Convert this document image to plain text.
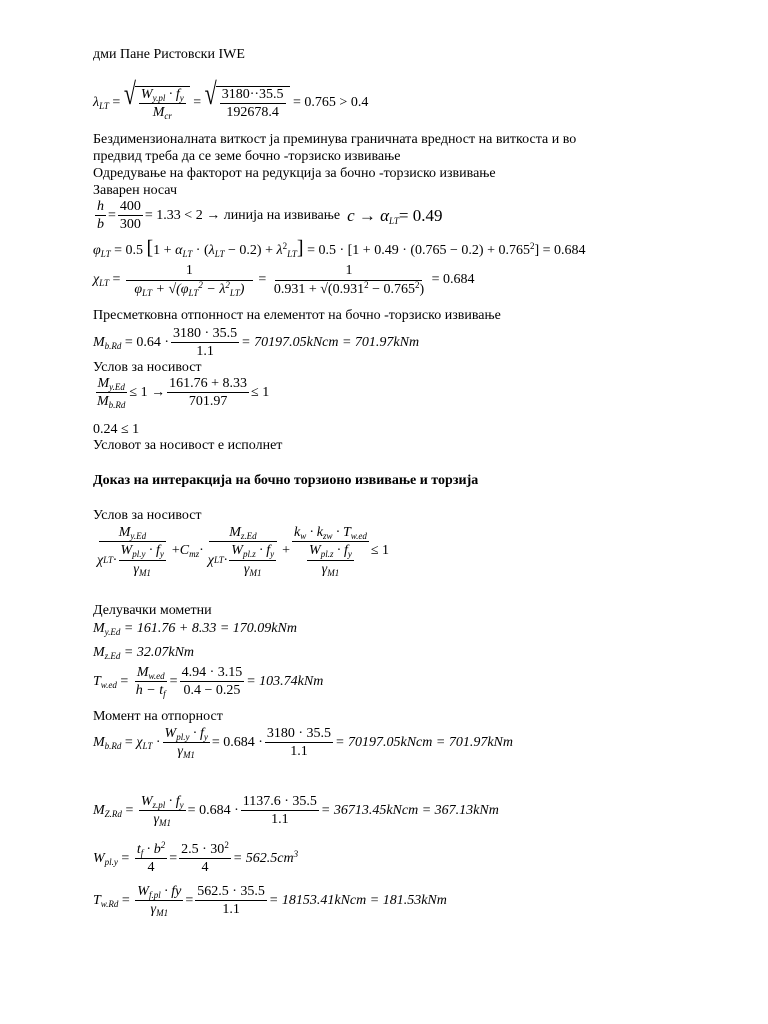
дми Пане Ристовски IWE
$\lambda_{LT}$ = √ $\frac{W_{y.pl} \cdot f_y}{M_{cr}}$ = √ $\frac{3180\cdot\cdot 35.5}{192678.4}$
= 0.765 > 0.4
Бездимензионалната виткост ја преминува граничната вредност на виткоста и во
предвид треба да се земе бочно -торзиско извивање
Одредување на факторот на редукција за бочно -торзиско извивање
Заварен носач
$\frac{h}{b} = \frac{400}{300} = 1.33 < 2$ →
линија на извивање
$c \to \alpha_{LT} = 0.49$
$\varphi_{LT} = 0.5$ $[1 + \alpha_{LT} \cdot (\lambda_{LT} - 0.2) + \lambda^2_{LT}] = 0.5 \cdot [1 + 0.49 \cdot (0.765 - 0.2) + 0.765^2] = 0.684$
$\chi_{LT} = \frac{1}{\varphi_{LT} + √(\varphi_{LT}^2 - \lambda^2_{LT})} = \frac{1}{0.931 + √(0.931^2 - 0.765^2)}$
= 0.684
Пресметковна отпонност на елементот на бочно -торзиско извивање
$M_{b.Rd}$
= $0.64 \cdot \frac{3180 \cdot 35.5}{1.1}$ = 70197.05kNcm = 701.97kNm
Услов за носивост
$\frac{M_{y.Ed}}{M_{b.Rd}} \le 1 \to \frac{161.76 + 8.33}{701.97} \le 1$
0.24 ≤ 1
Условот за носивост е исполнет
Доказ на интеракција на бочно торзионо извивање и торзија
Услов за носивост
$\frac{M_{y.Ed}}{\chi LT \cdot \frac{W_{pl.y} \cdot f_y}{\gamma_{M1}}} + C_{mz} \cdot \frac{M_{z.Ed}}{\chi LT \cdot \frac{W_{pl.z} \cdot f_y}{\gamma_{M1}}} + \frac{k_w \cdot k_{zw} \cdot T_{w.ed}}{\frac{W_{pl.z} \cdot f_y}{\gamma_{M1}}} \le 1$
Делувачки мометни
$M_{y.Ed} = 161.76 + 8.33 = 170.09kNm$
$M_{z.Ed} = 32.07kNm$
$T_{w.ed} = \frac{M_{w.ed}}{h - t_f} = \frac{4.94 \cdot 3.15}{0.4 - 0.25} = 103.74kNm$
Момент на отпорност
$M_{b.Rd} = \chi_{LT} \cdot \frac{W_{pl.y} \cdot f_y}{\gamma_{M1}} = 0.684 \cdot \frac{3180 \cdot 35.5}{1.1}$ = 70197.05kNcm = 701.97kNm
$M_{Z.Rd} = \frac{W_{z.pl} \cdot f_y}{\gamma_{M1}} = 0.684 \cdot \frac{1137.6 \cdot 35.5}{1.1}$ = 36713.45kNcm = 367.13kNm
$W_{pl.y} = \frac{t_f \cdot b^2}{4} = \frac{2.5 \cdot 30^2}{4} = 562.5cm^3$
$T_{w.Rd} = \frac{W_{f.pl} \cdot fy}{\gamma_{M1}} = \frac{562.5 \cdot 35.5}{1.1}$ = 18153.41kNcm = 181.53kNm
